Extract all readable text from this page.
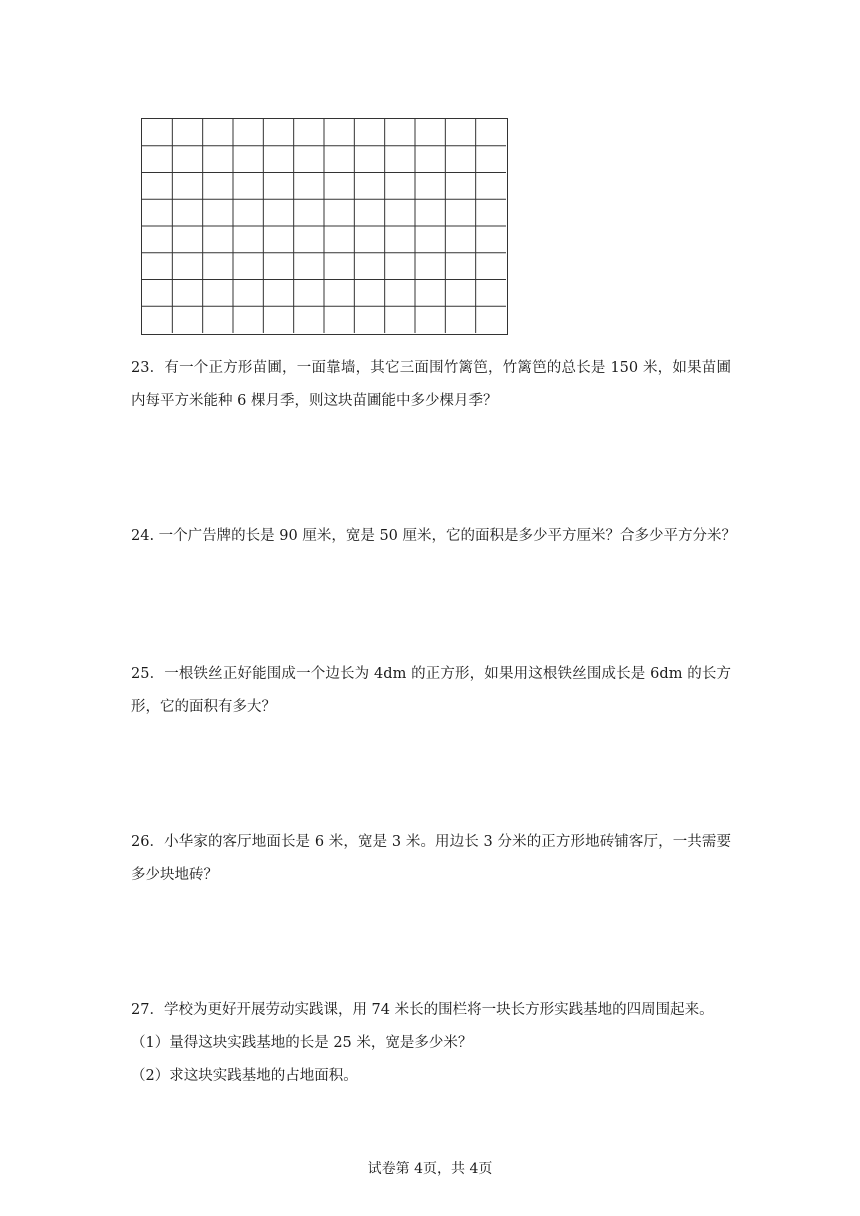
23．有一个正方形苗圃，一面靠墙，其它三面围竹篱笆，竹篱笆的总长是 150 米，如果苗圃
内每平方米能种 6 棵月季，则这块苗圃能中多少棵月季？
24. 一个广告牌的长是 90 厘米，宽是 50 厘米，它的面积是多少平方厘米？合多少平方分米？
25．一根铁丝正好能围成一个边长为 4dm 的正方形，如果用这根铁丝围成长是 6dm 的长方
形，它的面积有多大？
26．小华家的客厅地面长是 6 米，宽是 3 米。用边长 3 分米的正方形地砖铺客厅，一共需要
多少块地砖？
27．学校为更好开展劳动实践课，用 74 米长的围栏将一块长方形实践基地的四周围起来。
（1）量得这块实践基地的长是 25 米，宽是多少米？
（2）求这块实践基地的占地面积。
试卷第 4页，共 4页
